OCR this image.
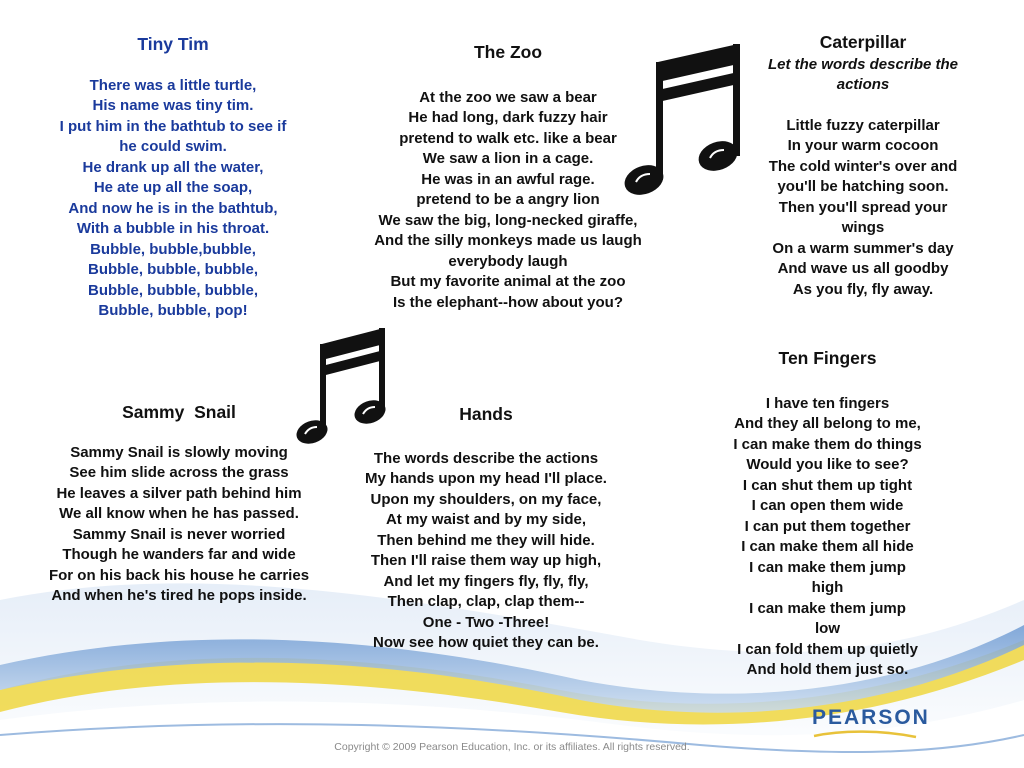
Tiny Tim
There was a little turtle,
His name was tiny tim.
I put him in the bathtub to see if
he could swim.
He drank up all the water,
He ate up all the soap,
And now he is in the bathtub,
With a bubble in his throat.
Bubble, bubble,bubble,
Bubble, bubble, bubble,
Bubble, bubble, bubble,
Bubble, bubble, pop!
The Zoo
At the zoo we saw a bear
He had long, dark fuzzy hair
pretend to walk etc. like a bear
We saw a lion in a cage.
He was in an awful rage.
pretend to be a angry lion
We saw the big, long-necked giraffe,
And the silly monkeys made us laugh
everybody laugh
But my favorite animal at the zoo
Is the elephant--how about you?
Caterpillar
Let the words describe the
actions
Little fuzzy caterpillar
In your warm cocoon
The cold winter's over and
you'll be hatching soon.
Then you'll spread your
wings
On a warm summer's day
And wave us all goodby
As you fly, fly away.
Ten Fingers
I have ten fingers
And they all belong to me,
I can make them do things
Would you like to see?
I can shut them up tight
I can open them wide
I can put them together
I can make them all hide
I can make them jump
high
I can make them jump
low
I can fold them up quietly
And hold them just so.
Sammy  Snail
Sammy Snail is slowly moving
See him slide across the grass
He leaves a silver path behind him
We all know when he has passed.
Sammy Snail is never worried
Though he wanders far and wide
For on his back his house he carries
And when he's tired he pops inside.
Hands
The words describe the actions
My hands upon my head I'll place.
Upon my shoulders, on my face,
At my waist and by my side,
Then behind me they will hide.
Then I'll raise them way up high,
And let my fingers fly, fly, fly,
Then clap, clap, clap them--
One - Two -Three!
Now see how quiet they can be.
PEARSON
Copyright © 2009 Pearson Education, Inc. or its affiliates. All rights reserved.
